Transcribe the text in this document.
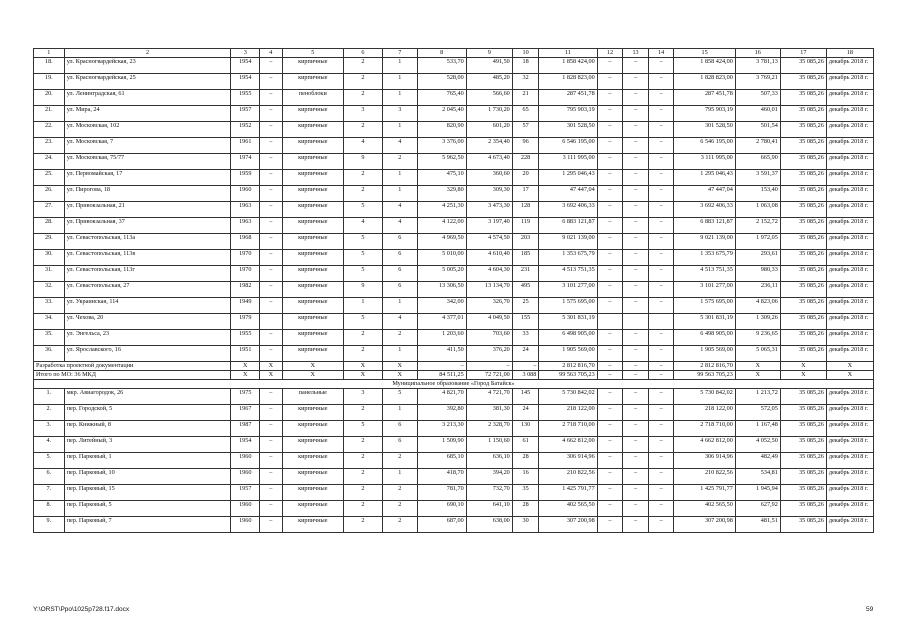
1	2	3	4	5	6	7	8	9	10	11	12	13	14	15	16	17	18
18.	ул. Красногвардейская, 23	1954	–	кирпичные	2	1	533,70	491,50	18	1 858 424,00	–	–	–	1 858 424,00	3 781,13	35 085,26	декабрь 2018 г.
19.	ул. Красногвардейская, 25	1954	–	кирпичные	2	1	528,00	485,20	32	1 828 823,00	–	–	–	1 828 823,00	3 769,21	35 085,26	декабрь 2018 г.
20.	ул. Ленинградская, 61	1955	–	пеноблоки	2	1	765,40	566,60	21	287 451,78	–	–	–	287 451,78	507,33	35 085,26	декабрь 2018 г.
21.	ул. Мира, 24	1957	–	кирпичные	3	3	2 045,40	1 730,20	65	795 903,19	–	–	–	795 903,19	460,01	35 085,26	декабрь 2018 г.
22.	ул. Московская, 102	1952	–	кирпичные	2	1	820,90	601,20	57	301 528,50	–	–	–	301 528,50	501,54	35 085,26	декабрь 2018 г.
23.	ул. Московская, 7	1961	–	кирпичные	4	4	3 376,00	2 354,40	96	6 546 195,00	–	–	–	6 546 195,00	2 780,41	35 085,26	декабрь 2018 г.
24.	ул. Московская, 75/77	1974	–	кирпичные	9	2	5 962,50	4 673,40	228	3 111 995,00	–	–	–	3 111 995,00	665,90	35 085,26	декабрь 2018 г.
25.	ул. Первомайская, 17	1959	–	кирпичные	2	1	475,10	360,60	20	1 295 046,43	–	–	–	1 295 046,43	3 591,37	35 085,26	декабрь 2018 г.
26.	ул. Пирогова, 18	1960	–	кирпичные	2	1	329,80	309,30	17	47 447,04	–	–	–	47 447,04	153,40	35 085,26	декабрь 2018 г.
27.	ул. Привокзальная, 21	1963	–	кирпичные	5	4	4 251,30	3 473,30	128	3 692 406,33	–	–	–	3 692 406,33	1 063,08	35 085,26	декабрь 2018 г.
28.	ул. Привокзальная, 37	1963	–	кирпичные	4	4	4 122,00	3 197,40	119	6 883 121,87	–	–	–	6 883 121,87	2 152,72	35 085,26	декабрь 2018 г.
29.	ул. Севастопольская, 113а	1968	–	кирпичные	5	6	4 969,50	4 574,50	203	9 021 139,00	–	–	–	9 021 139,00	1 972,05	35 085,26	декабрь 2018 г.
30.	ул. Севастопольская, 113в	1970	–	кирпичные	5	6	5 010,00	4 610,40	185	1 353 675,79	–	–	–	1 353 675,79	293,61	35 085,26	декабрь 2018 г.
31.	ул. Севастопольская, 113г	1970	–	кирпичные	5	6	5 005,20	4 604,30	231	4 513 751,35	–	–	–	4 513 751,35	980,33	35 085,26	декабрь 2018 г.
32.	ул. Севастопольская, 27	1982	–	кирпичные	9	6	13 306,50	13 134,70	495	3 101 277,00	–	–	–	3 101 277,00	236,11	35 085,26	декабрь 2018 г.
33.	ул. Украинская, 114	1949	–	кирпичные	1	1	342,00	326,70	25	1 575 695,00	–	–	–	1 575 695,00	4 823,06	35 085,26	декабрь 2018 г.
34.	ул. Чехова, 20	1979		кирпичные	5	4	4 377,01	4 049,50	155	5 301 831,19				5 301 831,19	1 309,26	35 085,26	декабрь 2018 г.
35.	ул. Энгельса, 23	1955	–	кирпичные	2	2	1 203,60	703,60	33	6 498 905,00	–	–	–	6 498 905,00	9 236,65	35 085,26	декабрь 2018 г.
36.	ул. Ярославского, 16	1951	–	кирпичные	2	1	411,50	376,20	24	1 905 569,00	–	–	–	1 905 569,00	5 065,31	35 085,26	декабрь 2018 г.
Разработка проектной документации		X	X	X	X	X	–	–	–	2 812 816,70	–	–	–	2 812 816,70	X	X	X
Итого по МО: 36 МКД		X	X	X	X	X	84 511,25	72 721,00	3 088	99 563 705,23	–	–	–	99 563 705,23	X	X	X
Муниципальное образование «Город Батайск»																	
1.	мкр. Авиагородок, 26	1975	–	панельные	3	5	4 821,70	4 721,70	145	5 730 842,02	–	–	–	5 730 842,02	1 213,72	35 085,26	декабрь 2018 г.
2.	пер. Городской, 5	1967	–	кирпичные	2	1	392,80	381,30	24	218 122,00	–	–	–	218 122,00	572,05	35 085,26	декабрь 2018 г.
3.	пер. Книжный, 8	1987	–	кирпичные	5	6	3 213,30	2 328,70	130	2 718 710,00	–	–	–	2 718 710,00	1 167,48	35 085,26	декабрь 2018 г.
4.	пер. Литейный, 3	1954	–	кирпичные	2	6	1 509,90	1 150,60	61	4 662 812,00	–	–	–	4 662 812,00	4 052,50	35 085,26	декабрь 2018 г.
5.	пер. Парковый, 1	1960	–	кирпичные	2	2	685,10	636,10	28	306 914,96	–	–	–	306 914,96	482,49	35 085,26	декабрь 2018 г.
6.	пер. Парковый, 10	1960	–	кирпичные	2	1	418,70	394,20	16	210 822,56	–	–	–	210 822,56	534,81	35 085,26	декабрь 2018 г.
7.	пер. Парковый, 15	1957	–	кирпичные	2	2	781,70	732,70	35	1 425 791,77	–	–	–	1 425 791,77	1 945,94	35 085,26	декабрь 2018 г.
8.	пер. Парковый, 5	1960	–	кирпичные	2	2	690,10	641,10	28	402 565,50	–	–	–	402 565,50	627,92	35 085,26	декабрь 2018 г.
9.	пер. Парковый, 7	1960	–	кирпичные	2	2	687,00	638,00	30	307 200,98	–	–	–	307 200,98	481,51	35 085,26	декабрь 2018 г.
Y:\ORST\Ppo\1025p728.f17.docx	59
